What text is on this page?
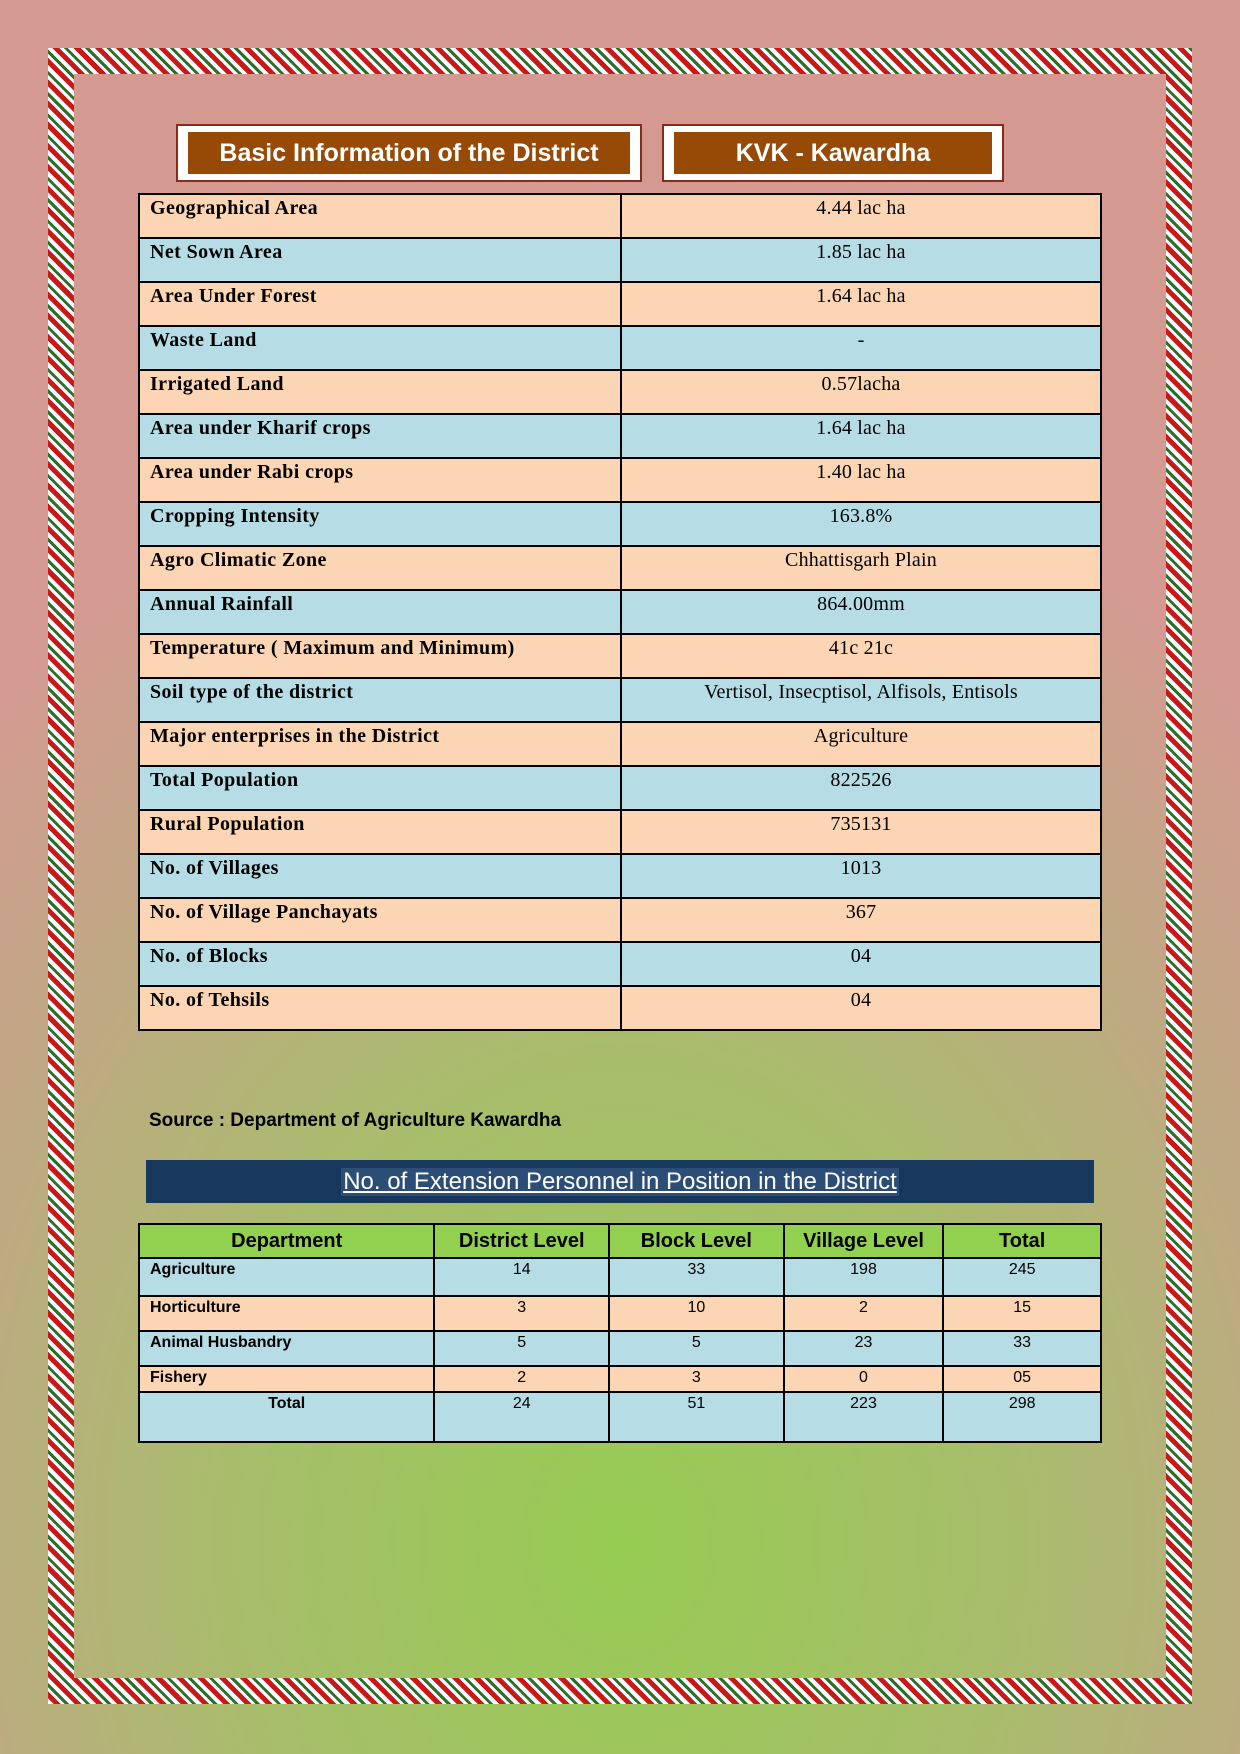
Basic Information of the District	KVK - Kawardha
Geographical Area	4.44 lac ha
Net Sown Area	1.85 lac ha
Area Under Forest	1.64 lac ha
Waste Land	-
Irrigated Land	0.57lacha
Area under Kharif crops	1.64 lac ha
Area under Rabi crops	1.40 lac ha
Cropping Intensity	163.8%
Agro Climatic Zone	Chhattisgarh Plain
Annual Rainfall	864.00mm
Temperature ( Maximum and Minimum)	41c 21c
Soil type of the district	Vertisol, Insecptisol, Alfisols, Entisols
Major enterprises in the District	Agriculture
Total Population	822526
Rural Population	735131
No. of Villages	1013
No. of Village Panchayats	367
No. of Blocks	04
No. of Tehsils	04
Source : Department of Agriculture Kawardha
No. of Extension Personnel in Position in the District
Department	District Level	Block Level	Village Level	Total
Agriculture	14	33	198	245
Horticulture	3	10	2	15
Animal Husbandry	5	5	23	33
Fishery	2	3	0	05
Total	24	51	223	298
